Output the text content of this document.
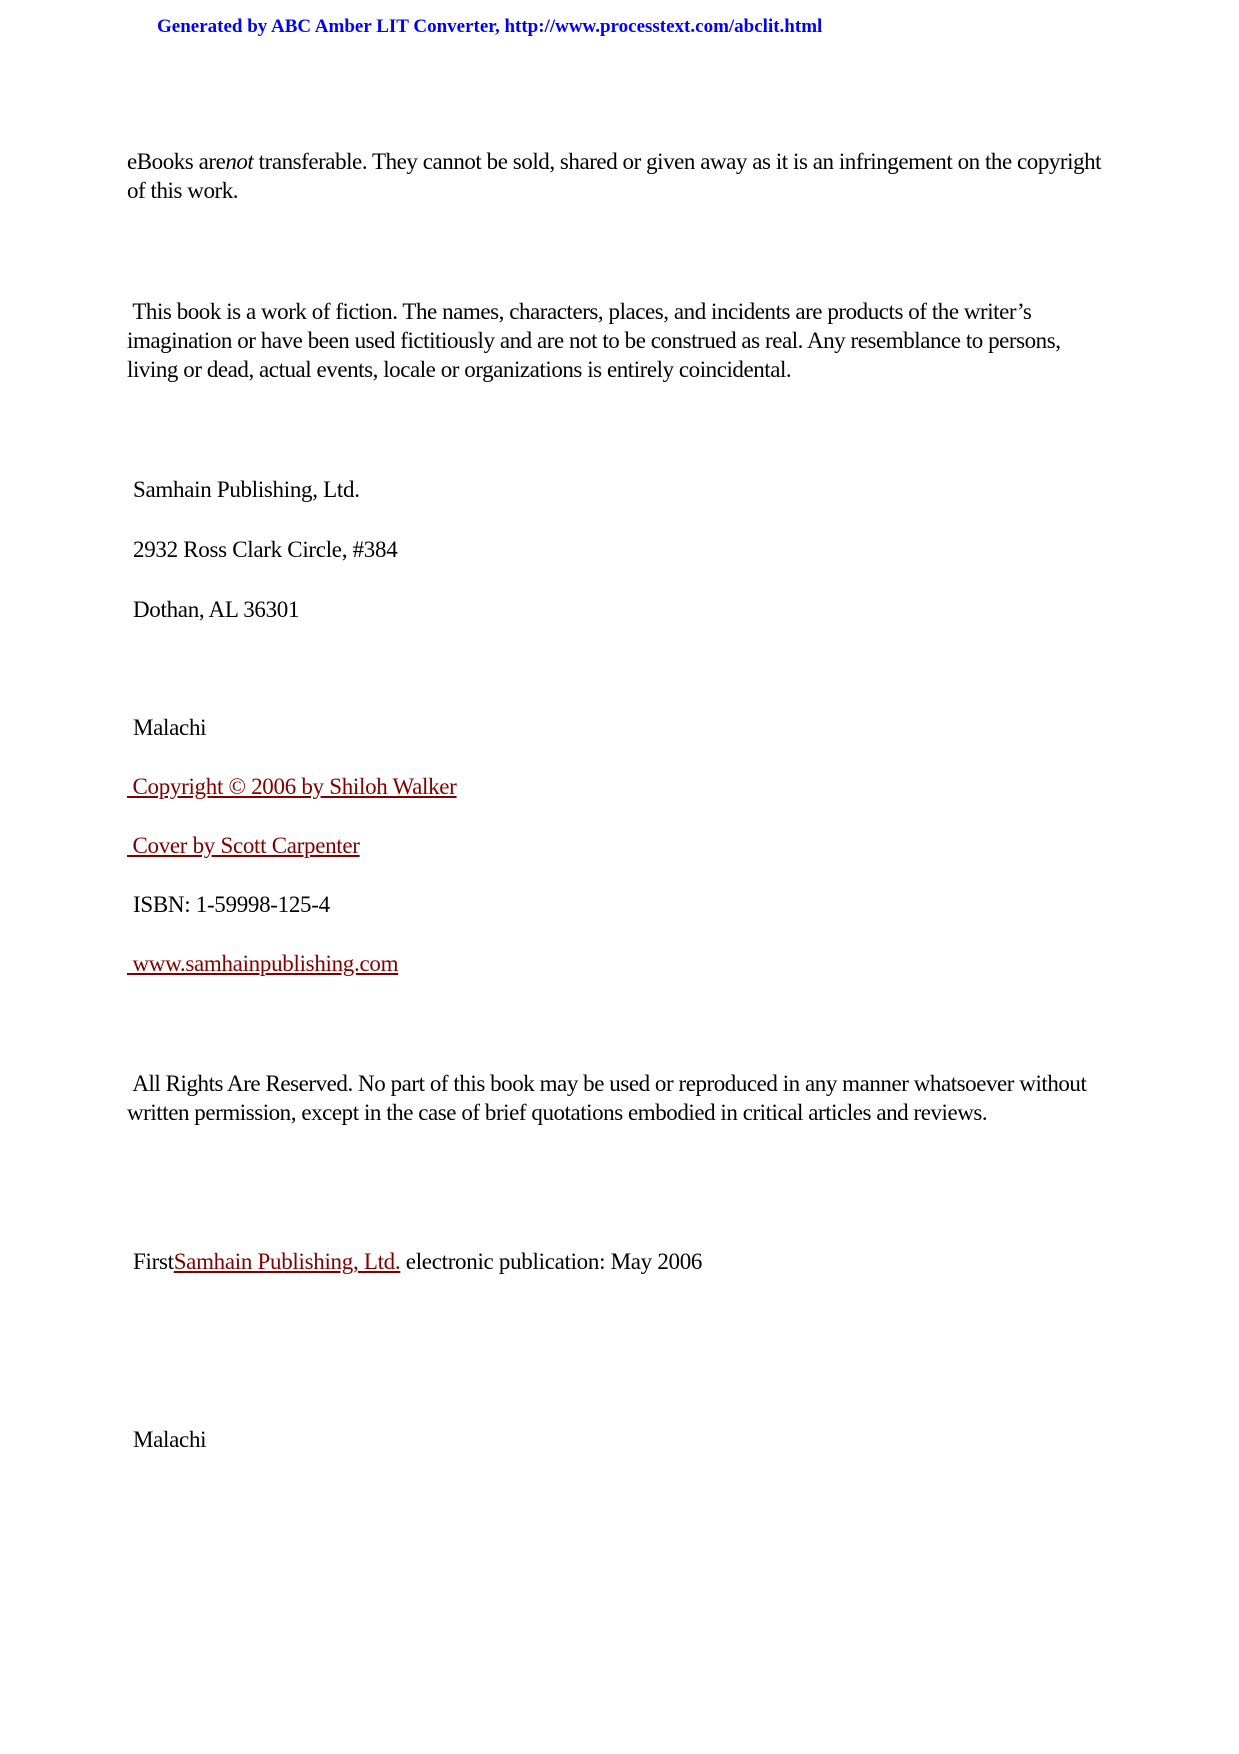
Generated by ABC Amber LIT Converter, http://www.processtext.com/abclit.html
eBooks arenot transferable. They cannot be sold, shared or given away as it is an infringement on the copyright of this work.
This book is a work of fiction. The names, characters, places, and incidents are products of the writer’s imagination or have been used fictitiously and are not to be construed as real. Any resemblance to persons, living or dead, actual events, locale or organizations is entirely coincidental.
Samhain Publishing, Ltd.
2932 Ross Clark Circle, #384
Dothan, AL 36301
Malachi
Copyright © 2006 by Shiloh Walker
Cover by Scott Carpenter
ISBN: 1-59998-125-4
www.samhainpublishing.com
All Rights Are Reserved. No part of this book may be used or reproduced in any manner whatsoever without written permission, except in the case of brief quotations embodied in critical articles and reviews.
FirstSamhain Publishing, Ltd. electronic publication: May 2006
Malachi
